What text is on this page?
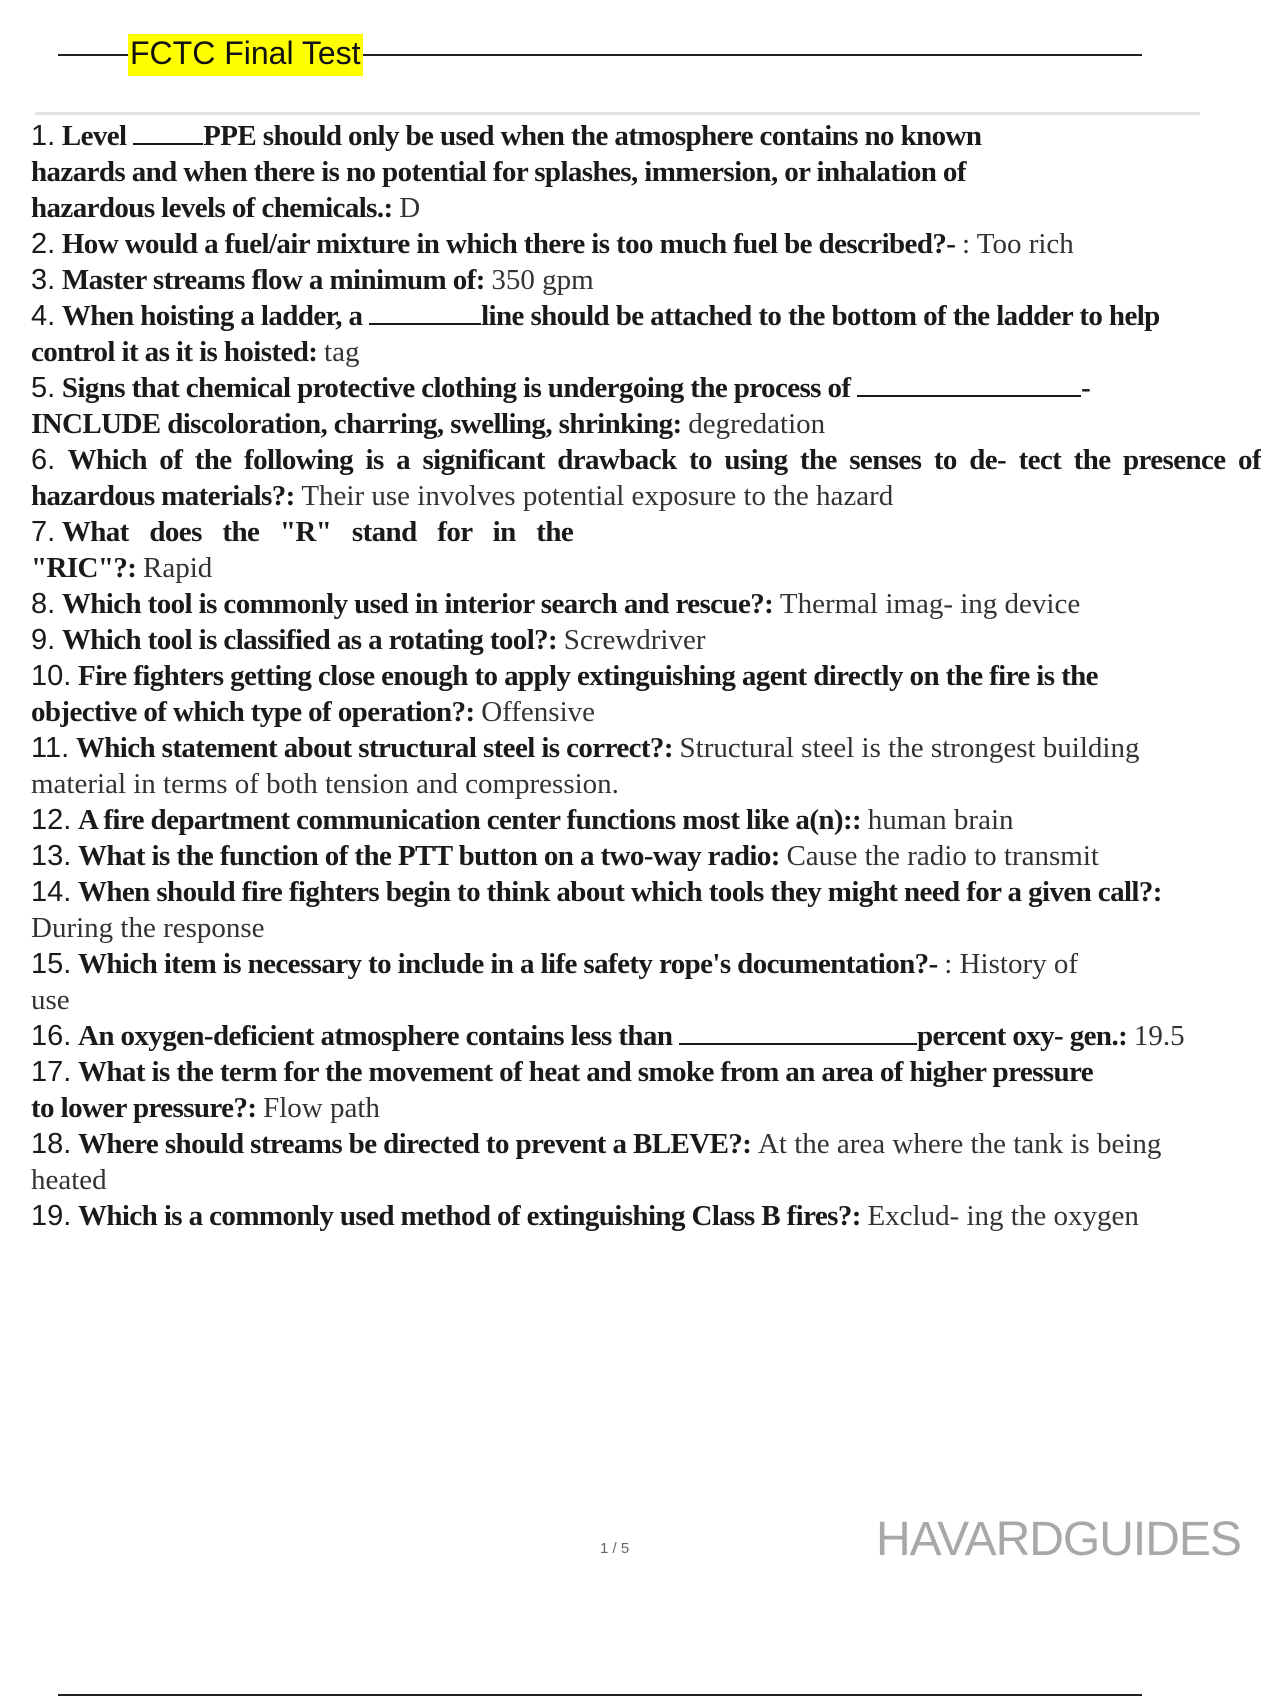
FCTC Final Test

1. Level	PPE should only be used when the atmosphere contains no known hazards and when there is no potential for splashes, immersion, or inhalation of hazardous levels of chemicals.: D

2. How would a fuel/air mixture in which there is too much fuel be described?- : Too rich

3. Master streams flow a minimum of: 350 gpm

4. When hoisting a ladder, a	line should be attached to the bottom of the ladder to help control it as it is hoisted: tag

5. Signs that chemical protective clothing is undergoing the process of	- INCLUDE discoloration, charring, swelling, shrinking: degredation

6. Which of the following is a significant drawback to using the senses to de- tect the presence of hazardous materials?: Their use involves potential exposure to the hazard

7. What does the "R" stand for in the
"RIC"?: Rapid

8. Which tool is commonly used in interior search and rescue?: Thermal imag- ing device

9. Which tool is classified as a rotating tool?: Screwdriver

10. Fire fighters getting close enough to apply extinguishing agent directly on the fire is the objective of which type of operation?: Offensive

11. Which statement about structural steel is correct?: Structural steel is the strongest building material in terms of both tension and compression.

12. A fire department communication center functions most like a(n):: human brain

13. What is the function of the PTT button on a two-way radio: Cause the radio to transmit

14. When should fire fighters begin to think about which tools they might need for a given call?: During the response

15. Which item is necessary to include in a life safety rope's documentation?- : History of use

16. An oxygen-deficient atmosphere contains less than	percent oxy- gen.: 19.5

17. What is the term for the movement of heat and smoke from an area of higher pressure to lower pressure?: Flow path

18. Where should streams be directed to prevent a BLEVE?: At the area where the tank is being heated

19. Which is a commonly used method of extinguishing Class B fires?: Exclud- ing the oxygen

1 / 5	HAVARDGUIDES
